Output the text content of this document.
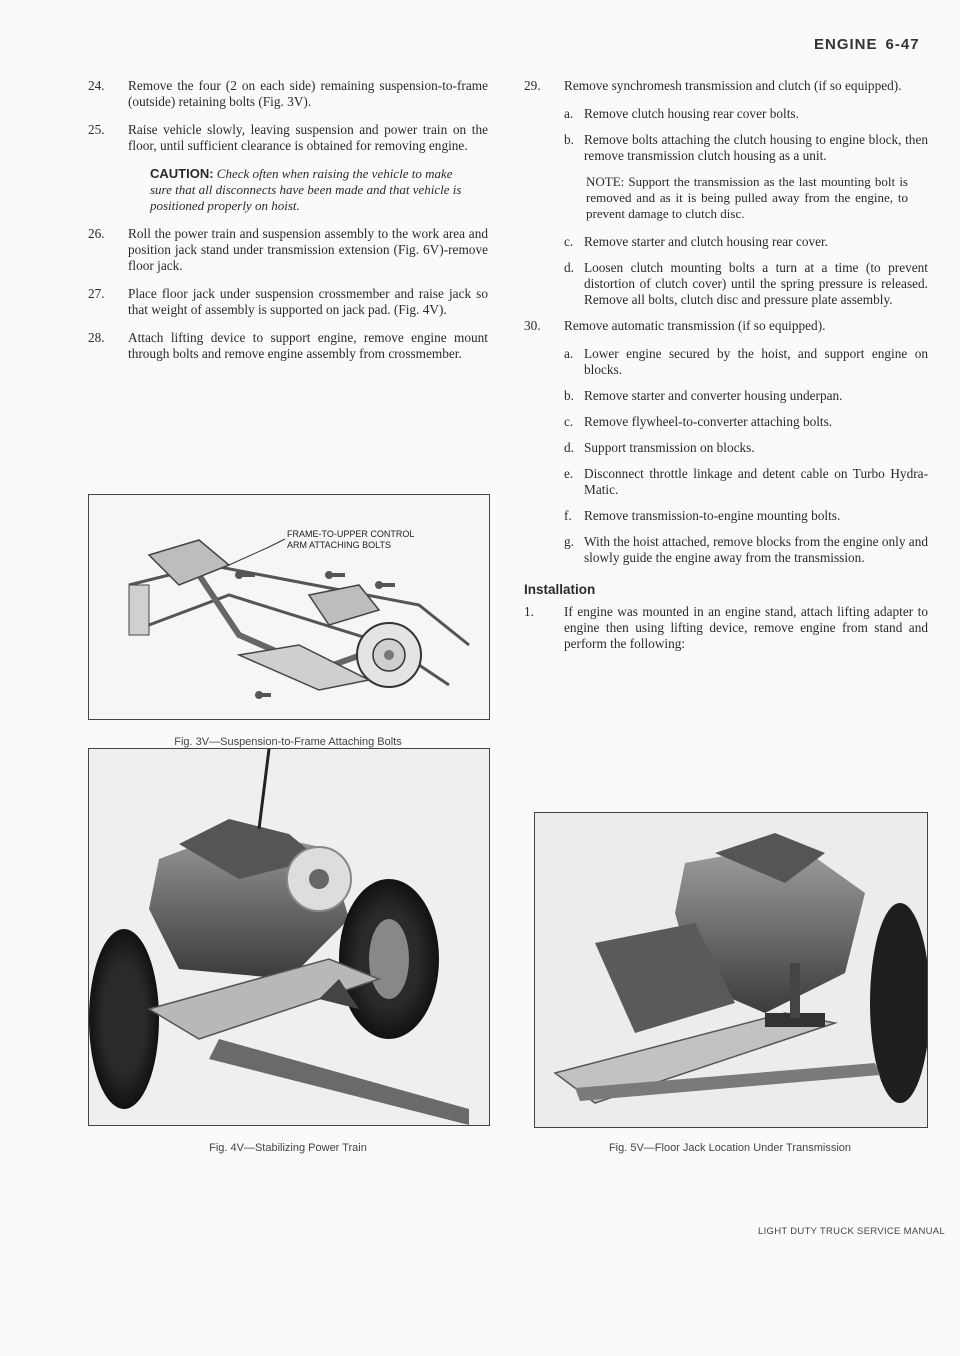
ENGINE 6-47
24. Remove the four (2 on each side) remaining suspension-to-frame (outside) retaining bolts (Fig. 3V).
25. Raise vehicle slowly, leaving suspension and power train on the floor, until sufficient clearance is obtained for removing engine.
CAUTION: Check often when raising the vehicle to make sure that all disconnects have been made and that vehicle is positioned properly on hoist.
26. Roll the power train and suspension assembly to the work area and position jack stand under transmission extension (Fig. 6V)-remove floor jack.
27. Place floor jack under suspension crossmember and raise jack so that weight of assembly is supported on jack pad. (Fig. 4V).
28. Attach lifting device to support engine, remove engine mount through bolts and remove engine assembly from crossmember.
FRAME-TO-UPPER CONTROL
ARM ATTACHING BOLTS
Fig. 3V—Suspension-to-Frame Attaching Bolts
29. Remove synchromesh transmission and clutch (if so equipped).
a. Remove clutch housing rear cover bolts.
b. Remove bolts attaching the clutch housing to engine block, then remove transmission clutch housing as a unit.
NOTE: Support the transmission as the last mounting bolt is removed and as it is being pulled away from the engine, to prevent damage to clutch disc.
c. Remove starter and clutch housing rear cover.
d. Loosen clutch mounting bolts a turn at a time (to prevent distortion of clutch cover) until the spring pressure is released. Remove all bolts, clutch disc and pressure plate assembly.
30. Remove automatic transmission (if so equipped).
a. Lower engine secured by the hoist, and support engine on blocks.
b. Remove starter and converter housing underpan.
c. Remove flywheel-to-converter attaching bolts.
d. Support transmission on blocks.
e. Disconnect throttle linkage and detent cable on Turbo Hydra-Matic.
f. Remove transmission-to-engine mounting bolts.
g. With the hoist attached, remove blocks from the engine only and slowly guide the engine away from the transmission.
Installation
1. If engine was mounted in an engine stand, attach lifting adapter to engine then using lifting device, remove engine from stand and perform the following:
Fig. 4V—Stabilizing Power Train	Fig. 5V—Floor Jack Location Under Transmission
LIGHT DUTY TRUCK SERVICE MANUAL
